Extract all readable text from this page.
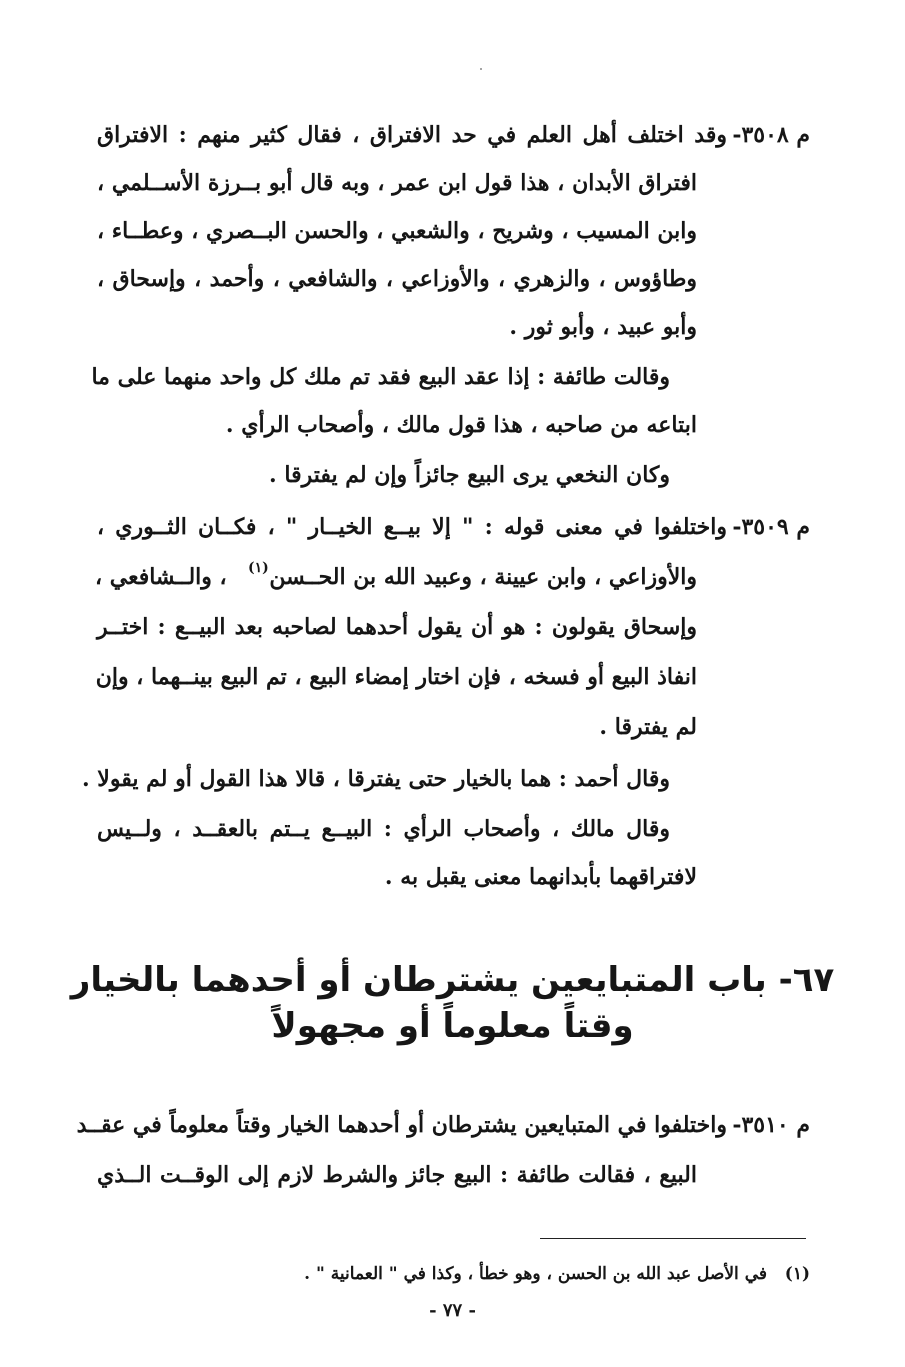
م ٣٥٠٨-
وقد اختلف أهل العلم في حد الافتراق ، فقال كثير منهم : الافتراق
افتراق الأبدان ، هذا قول ابن عمر ، وبه قال أبو بــرزة الأســلمي ،
وابن المسيب ، وشريح ، والشعبي ، والحسن البــصري ، وعطــاء ،
وطاؤوس ، والزهري ، والأوزاعي ، والشافعي ، وأحمد ، وإسحاق ،
وأبو عبيد ، وأبو ثور .
وقالت طائفة : إذا عقد البيع فقد تم ملك كل واحد منهما على ما
ابتاعه من صاحبه ، هذا قول مالك ، وأصحاب الرأي .
وكان النخعي يرى البيع جائزاً وإن لم يفترقا .
م ٣٥٠٩-
واختلفوا في معنى قوله : " إلا بيــع الخيــار " ، فكــان الثــوري ،
والأوزاعي ، وابن عيينة ، وعبيد الله بن الحــسن
(١)
، والــشافعي ،
وإسحاق يقولون : هو أن يقول أحدهما لصاحبه بعد البيــع : اختــر
انفاذ البيع أو فسخه ، فإن اختار إمضاء البيع ، تم البيع بينــهما ، وإن
لم يفترقا .
وقال أحمد : هما بالخيار حتى يفترقا ، قالا هذا القول أو لم يقولا .
وقال مالك ، وأصحاب الرأي : البيــع يــتم بالعقــد ، ولــيس
لافتراقهما بأبدانهما معنى يقبل به .
٦٧- باب المتبايعين يشترطان أو أحدهما بالخيار
وقتاً معلوماً أو مجهولاً
م ٣٥١٠-
واختلفوا في المتبايعين يشترطان أو أحدهما الخيار وقتاً معلوماً في عقــد
البيع ، فقالت طائفة : البيع جائز والشرط لازم إلى الوقــت الــذي
(١)
في الأصل عبد الله بن الحسن ، وهو خطأ ، وكذا في " العمانية " .
- ٧٧ -
